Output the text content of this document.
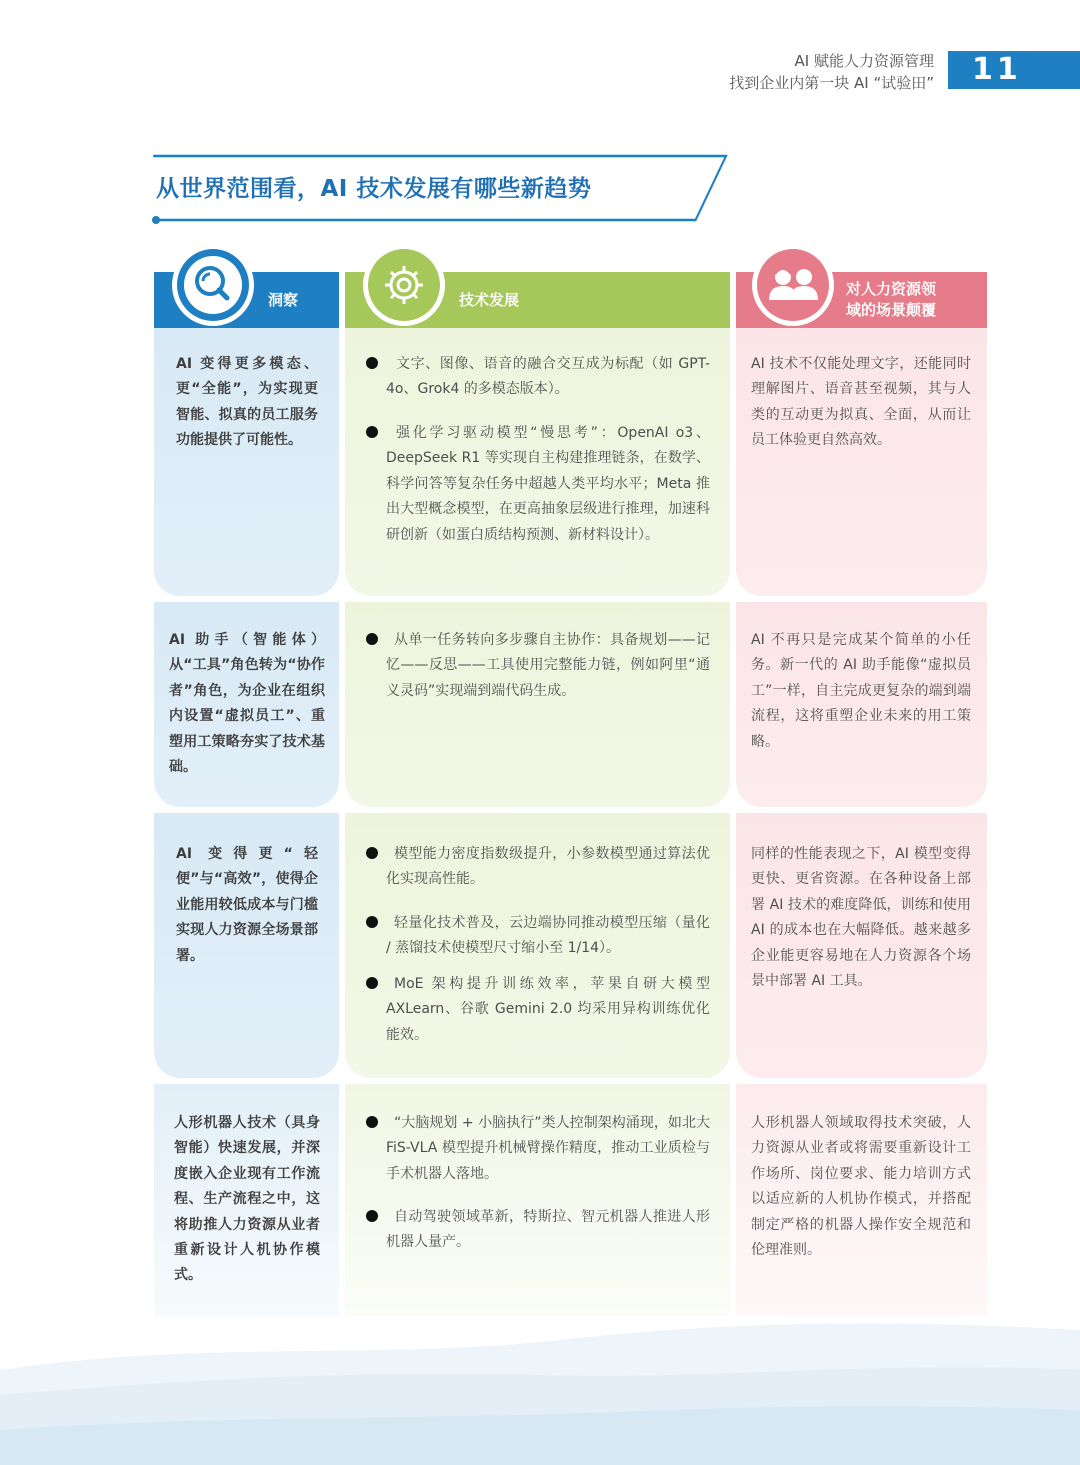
AI 赋能人力资源管理
找到企业内第一块 AI “试验田”	11
从世界范围看，AI 技术发展有哪些新趋势
洞察	技术发展
对人力资源领
域的场景颠覆
AI 变得更多模态、更“全能”，为实现更智能、拟真的员工服务功能提供了可能性。
文字、图像、语音的融合交互成为标配（如 GPT-4o、Grok4 的多模态版本）。
强化学习驱动模型“慢思考”：OpenAI o3、DeepSeek R1 等实现自主构建推理链条，在数学、科学问答等复杂任务中超越人类平均水平；Meta 推出大型概念模型，在更高抽象层级进行推理，加速科研创新（如蛋白质结构预测、新材料设计）。
AI 技术不仅能处理文字，还能同时理解图片、语音甚至视频，其与人类的互动更为拟真、全面，从而让员工体验更自然高效。
AI 助手（智能体）从“工具”角色转为“协作者”角色，为企业在组织内设置“虚拟员工”、重塑用工策略夯实了技术基础。
从单一任务转向多步骤自主协作：具备规划——记忆——反思——工具使用完整能力链，例如阿里“通义灵码”实现端到端代码生成。
AI 不再只是完成某个简单的小任务。新一代的 AI 助手能像“虚拟员工”一样，自主完成更复杂的端到端流程，这将重塑企业未来的用工策略。
AI 变得更“轻便”与“高效”，使得企业能用较低成本与门槛实现人力资源全场景部署。
模型能力密度指数级提升，小参数模型通过算法优化实现高性能。
轻量化技术普及，云边端协同推动模型压缩（量化 / 蒸馏技术使模型尺寸缩小至 1/14）。
MoE 架构提升训练效率，苹果自研大模型 AXLearn、谷歌 Gemini 2.0 均采用异构训练优化能效。
同样的性能表现之下，AI 模型变得更快、更省资源。在各种设备上部署 AI 技术的难度降低，训练和使用 AI 的成本也在大幅降低。越来越多企业能更容易地在人力资源各个场景中部署 AI 工具。
人形机器人技术（具身智能）快速发展，并深度嵌入企业现有工作流程、生产流程之中，这将助推人力资源从业者重新设计人机协作模式。
“大脑规划 + 小脑执行”类人控制架构涌现，如北大 FiS-VLA 模型提升机械臂操作精度，推动工业质检与手术机器人落地。
自动驾驶领域革新，特斯拉、智元机器人推进人形机器人量产。
人形机器人领域取得技术突破，人力资源从业者或将需要重新设计工作场所、岗位要求、能力培训方式以适应新的人机协作模式，并搭配制定严格的机器人操作安全规范和伦理准则。
